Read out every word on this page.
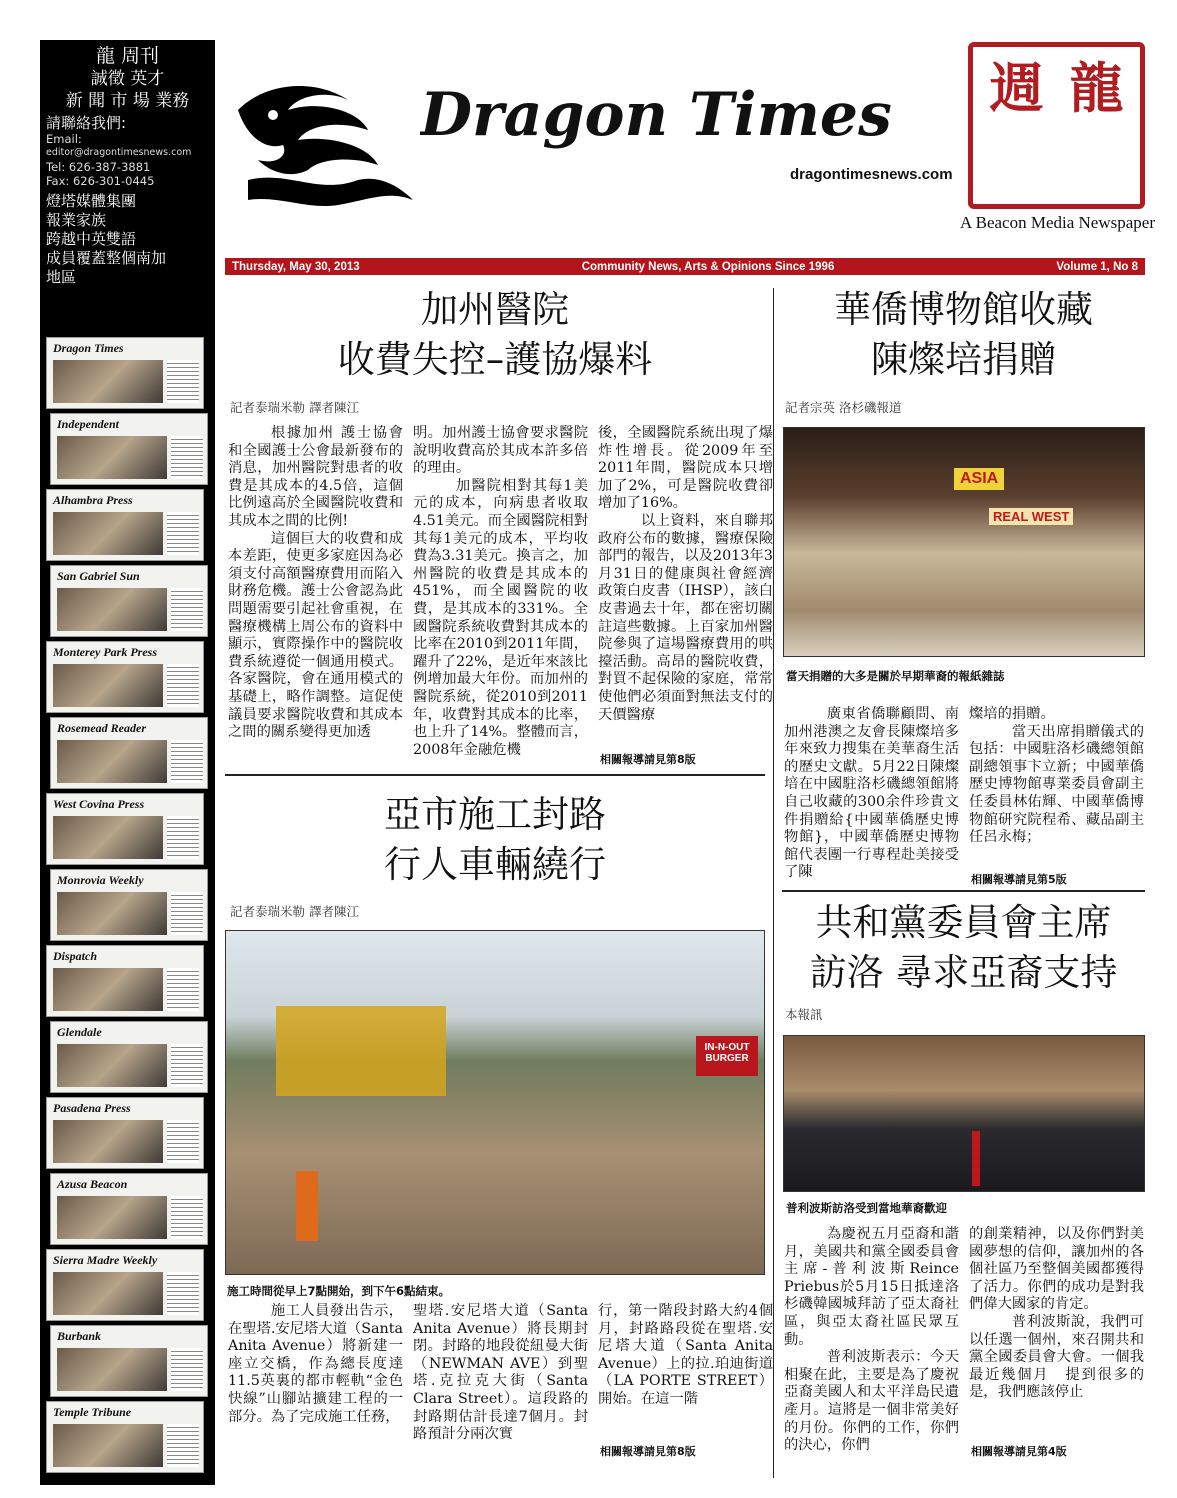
龍 周刊
誠徵 英才
新 聞 市 場 業務
請聯絡我們:
Email:
editor@dragontimesnews.com
Tel: 626-387-3881
Fax: 626-301-0445
燈塔媒體集團
報業家族
跨越中英雙語
成員覆蓋整個南加
地區
Dragon Times
Independent
Alhambra Press
San Gabriel Sun
Monterey Park Press
Rosemead Reader
West Covina Press
Monrovia Weekly
Dispatch
Glendale
Pasadena Press
Azusa Beacon
Sierra Madre Weekly
Burbank
Temple Tribune
Dragon Times
dragontimesnews.com
週 龍
A Beacon Media Newspaper
Thursday, May 30, 2013	Community News, Arts & Opinions Since 1996	Volume 1, No 8
加州醫院
收費失控–護協爆料
記者泰瑞米勒 譯者陳江

根據加州 護士協會和全國護士公會最新發布的消息，加州醫院對患者的收費是其成本的4.5倍，這個比例遠高於全國醫院收費和其成本之間的比例!

這個巨大的收費和成本差距，使更多家庭因為必須支付高額醫療費用而陷入財務危機。護士公會認為此問題需要引起社會重視，在醫療機構上周公布的資料中顯示，實際操作中的醫院收費系統遵從一個通用模式。各家醫院，會在通用模式的基礎上，略作調整。這促使議員要求醫院收費和其成本之間的關系變得更加透

明。加州護士協會要求醫院說明收費高於其成本許多倍的理由。

加醫院相對其每1美元的成本，向病患者收取4.51美元。而全國醫院相對其每1美元的成本，平均收費為3.31美元。換言之，加州醫院的收費是其成本的451%，而全國醫院的收費，是其成本的331%。全國醫院系統收費對其成本的比率在2010到2011年間，躍升了22%，是近年來該比例增加最大年份。而加州的醫院系統，從2010到2011年，收費對其成本的比率，也上升了14%。整體而言，2008年金融危機

後，全國醫院系統出現了爆炸性增長。從2009年至2011年間，醫院成本只增加了2%，可是醫院收費卻增加了16%。

以上資料，來自聯邦政府公布的數據，醫療保險部門的報告，以及2013年3月31日的健康與社會經濟政策白皮書（IHSP），該白皮書過去十年，都在密切關註這些數據。上百家加州醫院參與了這場醫療費用的哄擡活動。高昂的醫院收費，對買不起保險的家庭，常常使他們必須面對無法支付的天價醫療

相關報導請見第8版
亞市施工封路
行人車輛繞行
記者泰瑞米勒 譯者陳江
IN-N-OUT
BURGER
施工時間從早上7點開始，到下午6點結束。

施工人員發出告示，在聖塔.安尼塔大道（Santa Anita Avenue）將新建一座立交橋，作為總長度達11.5英裏的都市輕軌“金色快線”山腳站擴建工程的一部分。為了完成施工任務，

聖塔.安尼塔大道（Santa Anita Avenue）將長期封閉。封路的地段從紐曼大街（NEWMAN AVE）到聖塔.克拉克大街（Santa Clara Street）。這段路的封路期估計長達7個月。封路預計分兩次實

行，第一階段封路大約4個月，封路路段從在聖塔.安尼塔大道（Santa Anita Avenue）上的拉.珀迪街道（LA PORTE STREET）開始。在這一階

相關報導請見第8版
華僑博物館收藏
陳燦培捐贈
記者宗英 洛杉磯報道
ASIA
REAL WEST
當天捐贈的大多是關於早期華裔的報紙雜誌

廣東省僑聯顧問、南加州港澳之友會長陳燦培多年來致力搜集在美華裔生活的歷史文獻。5月22日陳燦培在中國駐洛杉磯總領館將自己收藏的300余件珍貴文件捐贈給{中國華僑歷史博物館}，中國華僑歷史博物館代表團一行專程赴美接受了陳

燦培的捐贈。

當天出席捐贈儀式的包括：中國駐洛杉磯總領館副總領事卞立新；中國華僑歷史博物館專業委員會副主任委員林佑輝、中國華僑博物館研究院程希、藏品副主任呂永梅；

相關報導請見第5版
共和黨委員會主席
訪洛 尋求亞裔支持
本報訊
普利波斯訪洛受到當地華裔歡迎

為慶祝五月亞裔和諧月，美國共和黨全國委員會主席-普利波斯Reince Priebus於5月15日抵達洛杉磯韓國城拜訪了亞太裔社區，與亞太裔社區民眾互動。

普利波斯表示：今天相聚在此，主要是為了慶祝亞裔美國人和太平洋島民遺產月。這將是一個非常美好的月份。你們的工作，你們的決心，你們

的創業精神，以及你們對美國夢想的信仰，讓加州的各個社區乃至整個美國都獲得了活力。你們的成功是對我們偉大國家的肯定。

普利波斯說，我們可以任選一個州，來召開共和黨全國委員會大會。一個我最近幾個月　提到很多的是，我們應該停止

相關報導請見第4版
